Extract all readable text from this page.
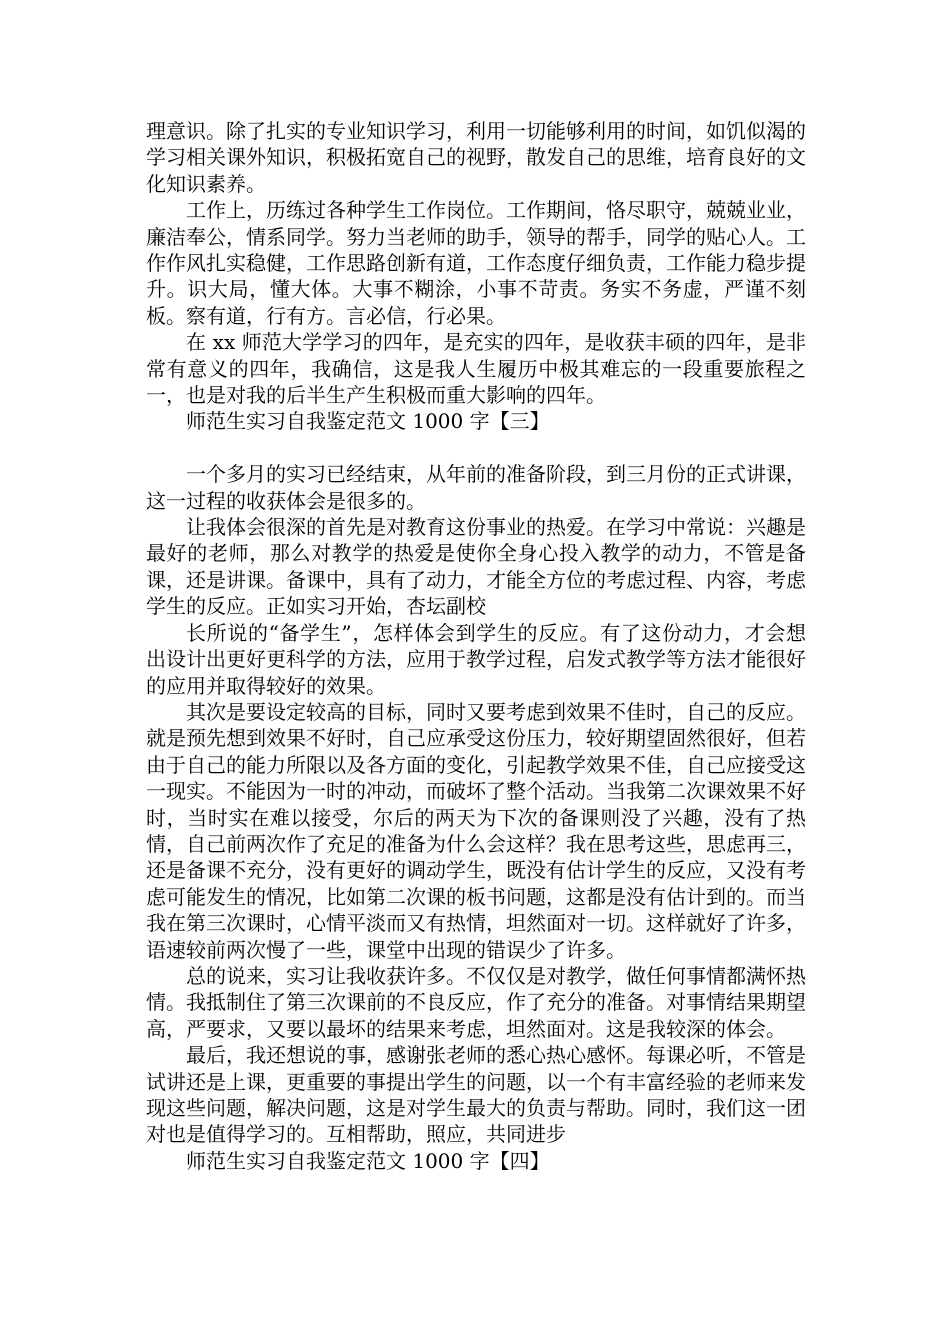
理意识。除了扎实的专业知识学习，利用一切能够利用的时间，如饥似渴的学习相关课外知识，积极拓宽自己的视野，散发自己的思维，培育良好的文化知识素养。

工作上，历练过各种学生工作岗位。工作期间，恪尽职守，兢兢业业，廉洁奉公，情系同学。努力当老师的助手，领导的帮手，同学的贴心人。工作作风扎实稳健，工作思路创新有道，工作态度仔细负责，工作能力稳步提升。识大局，懂大体。大事不糊涂，小事不苛责。务实不务虚，严谨不刻板。察有道，行有方。言必信，行必果。

在 xx 师范大学学习的四年，是充实的四年，是收获丰硕的四年，是非常有意义的四年，我确信，这是我人生履历中极其难忘的一段重要旅程之一，也是对我的后半生产生积极而重大影响的四年。

师范生实习自我鉴定范文 1000 字【三】

一个多月的实习已经结束，从年前的准备阶段，到三月份的正式讲课，这一过程的收获体会是很多的。

让我体会很深的首先是对教育这份事业的热爱。在学习中常说：兴趣是最好的老师，那么对教学的热爱是使你全身心投入教学的动力，不管是备课，还是讲课。备课中，具有了动力，才能全方位的考虑过程、内容，考虑学生的反应。正如实习开始，杏坛副校

长所说的“备学生”，怎样体会到学生的反应。有了这份动力，才会想出设计出更好更科学的方法，应用于教学过程，启发式教学等方法才能很好的应用并取得较好的效果。

其次是要设定较高的目标，同时又要考虑到效果不佳时，自己的反应。就是预先想到效果不好时，自己应承受这份压力，较好期望固然很好，但若由于自己的能力所限以及各方面的变化，引起教学效果不佳，自己应接受这一现实。不能因为一时的冲动，而破坏了整个活动。当我第二次课效果不好时，当时实在难以接受，尔后的两天为下次的备课则没了兴趣，没有了热情，自己前两次作了充足的准备为什么会这样？我在思考这些，思虑再三，还是备课不充分，没有更好的调动学生，既没有估计学生的反应，又没有考虑可能发生的情况，比如第二次课的板书问题，这都是没有估计到的。而当我在第三次课时，心情平淡而又有热情，坦然面对一切。这样就好了许多，语速较前两次慢了一些，课堂中出现的错误少了许多。

总的说来，实习让我收获许多。不仅仅是对教学，做任何事情都满怀热情。我抵制住了第三次课前的不良反应，作了充分的准备。对事情结果期望高，严要求，又要以最坏的结果来考虑，坦然面对。这是我较深的体会。

最后，我还想说的事，感谢张老师的悉心热心感怀。每课必听，不管是试讲还是上课，更重要的事提出学生的问题，以一个有丰富经验的老师来发现这些问题，解决问题，这是对学生最大的负责与帮助。同时，我们这一团对也是值得学习的。互相帮助，照应，共同进步

师范生实习自我鉴定范文 1000 字【四】
